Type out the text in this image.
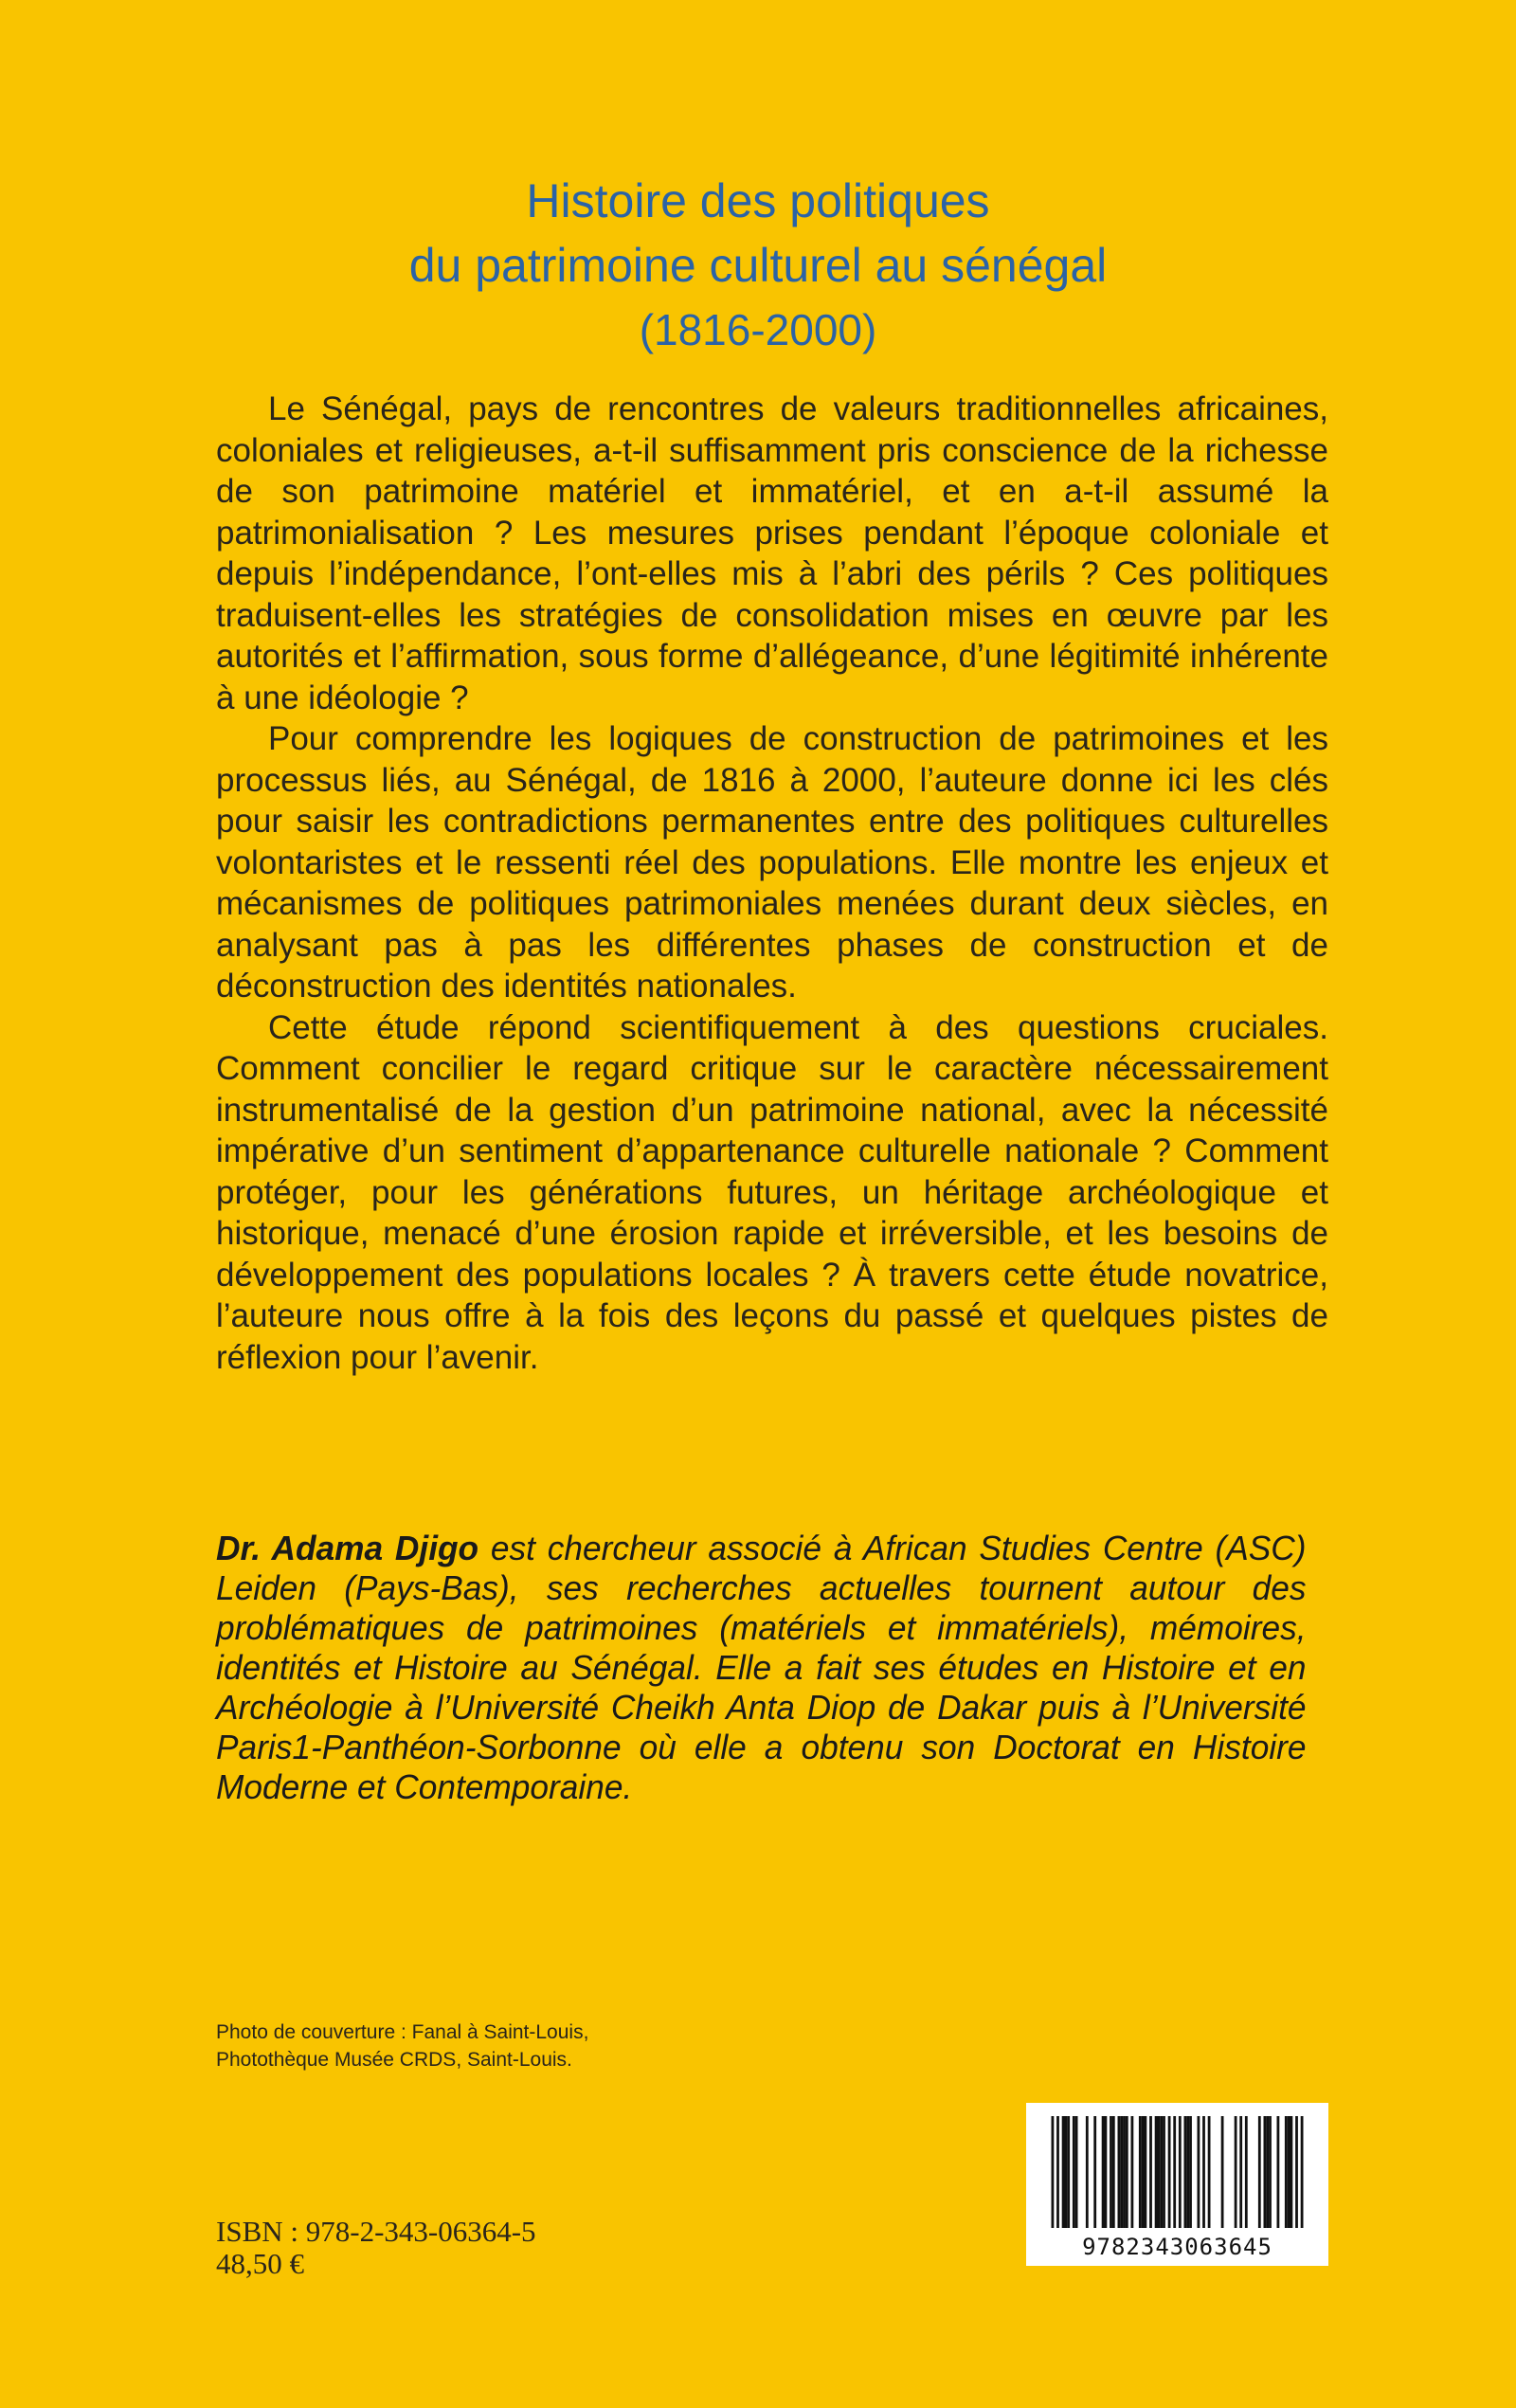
Histoire des politiques
du patrimoine culturel au sénégal
(1816-2000)

Le Sénégal, pays de rencontres de valeurs traditionnelles africaines, coloniales et religieuses, a-t-il suffisamment pris conscience de la richesse de son patrimoine matériel et immatériel, et en a-t-il assumé la patrimonialisation ? Les mesures prises pendant l’époque coloniale et depuis l’indépendance, l’ont-elles mis à l’abri des périls ? Ces politiques traduisent-elles les stratégies de consolidation mises en œuvre par les autorités et l’affirmation, sous forme d’allégeance, d’une légitimité inhérente à une idéologie ?

Pour comprendre les logiques de construction de patrimoines et les processus liés, au Sénégal, de 1816 à 2000, l’auteure donne ici les clés pour saisir les contradictions permanentes entre des politiques culturelles volontaristes et le ressenti réel des populations. Elle montre les enjeux et mécanismes de politiques patrimoniales menées durant deux siècles, en analysant pas à pas les différentes phases de construction et de déconstruction des identités nationales.

Cette étude répond scientifiquement à des questions cruciales. Comment concilier le regard critique sur le caractère nécessairement instrumentalisé de la gestion d’un patrimoine national, avec la nécessité impérative d’un sentiment d’appartenance culturelle nationale ? Comment protéger, pour les générations futures, un héritage archéologique et historique, menacé d’une érosion rapide et irréversible, et les besoins de développement des populations locales ? À travers cette étude novatrice, l’auteure nous offre à la fois des leçons du passé et quelques pistes de réflexion pour l’avenir.

Dr. Adama Djigo est chercheur associé à African Studies Centre (ASC) Leiden (Pays-Bas), ses recherches actuelles tournent autour des problématiques de patrimoines (matériels et immatériels), mémoires, identités et Histoire au Sénégal. Elle a fait ses études en Histoire et en Archéologie à l’Université Cheikh Anta Diop de Dakar puis à l’Université Paris1-Panthéon-Sorbonne où elle a obtenu son Doctorat en Histoire Moderne et Contemporaine.
Photo de couverture : Fanal à Saint-Louis,
Photothèque Musée CRDS, Saint-Louis.
ISBN : 978-2-343-06364-5
48,50 €	9782343063645
